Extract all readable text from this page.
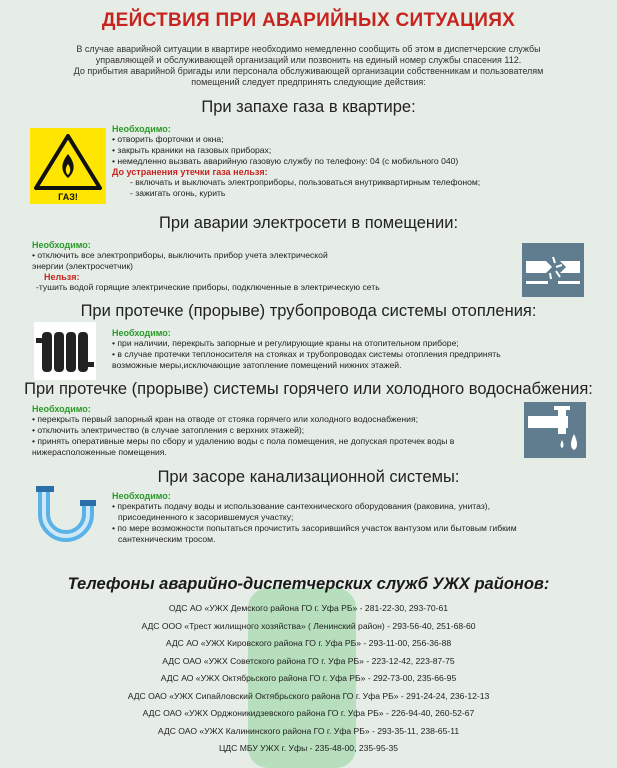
ДЕЙСТВИЯ ПРИ АВАРИЙНЫХ СИТУАЦИЯХ
В случае аварийной ситуации в квартире необходимо немедленно сообщить об этом в диспетчерские службы
управляющей и обслуживающей организаций или позвонить на единый номер службы спасения 112.
До прибытия аварийной бригады или персонала обслуживающей организации собственникам и пользователям
помещений следует предпринять следующие действия:
При запахе газа в квартире:
ГАЗ!
Необходимо:
• отворить форточки и окна;
• закрыть краники на газовых приборах;
• немедленно вызвать аварийную газовую службу по телефону: 04 (с мобильного 040)
До устранения утечки газа нельзя:
- включать и выключать электроприборы, пользоваться внутриквартирным телефоном;
- зажигать огонь, курить
При аварии электросети в помещении:
Необходимо:
• отключить все электроприборы, выключить прибор учета электрической
энергии (электросчетчик)
Нельзя:
-тушить водой горящие электрические приборы, подключенные в электрическую сеть
При протечке (прорыве) трубопровода системы отопления:
Необходимо:
• при наличии, перекрыть запорные и регулирующие краны на отопительном приборе;
• в случае протечки теплоносителя на стояках и трубопроводах системы отопления предпринять
возможные меры,исключающие затопление помещений нижних этажей.
При протечке (прорыве) системы горячего или холодного водоснабжения:
Необходимо:
• перекрыть первый запорный кран на отводе от стояка горячего или холодного водоснабжения;
• отключить электричество (в случае затопления с верхних этажей);
• принять оперативные меры по сбору и удалению воды с пола помещения, не допуская протечек воды в
нижерасположенные помещения.
При засоре канализационной системы:
Необходимо:
• прекратить подачу воды и использование сантехнического оборудования (раковина, унитаз),
присоединенного к засорившемуся участку;
• по мере возможности попытаться прочистить засорившийся участок вантузом или бытовым гибким
сантехническим тросом.
Телефоны аварийно-диспетчерских служб УЖХ районов:
ОДС АО «УЖХ Демского района ГО г. Уфа РБ» - 281-22-30, 293-70-61
АДС ООО «Трест жилищного хозяйства» ( Ленинский район) - 293-56-40, 251-68-60
АДС АО «УЖХ Кировского района ГО г. Уфа РБ» - 293-11-00, 256-36-88
АДС ОАО «УЖХ Советского района ГО г. Уфа РБ» - 223-12-42, 223-87-75
АДС АО «УЖХ Октябрьского района ГО г. Уфа РБ» - 292-73-00, 235-66-95
АДС ОАО «УЖХ Сипайловский Октябрьского района ГО г. Уфа РБ» - 291-24-24, 236-12-13
АДС ОАО «УЖХ Орджоникидзевского района ГО г. Уфа РБ» - 226-94-40, 260-52-67
АДС ОАО «УЖХ Калининского района ГО г. Уфа РБ» - 293-35-11, 238-65-11
ЦДС МБУ УЖХ г. Уфы - 235-48-00, 235-95-35
